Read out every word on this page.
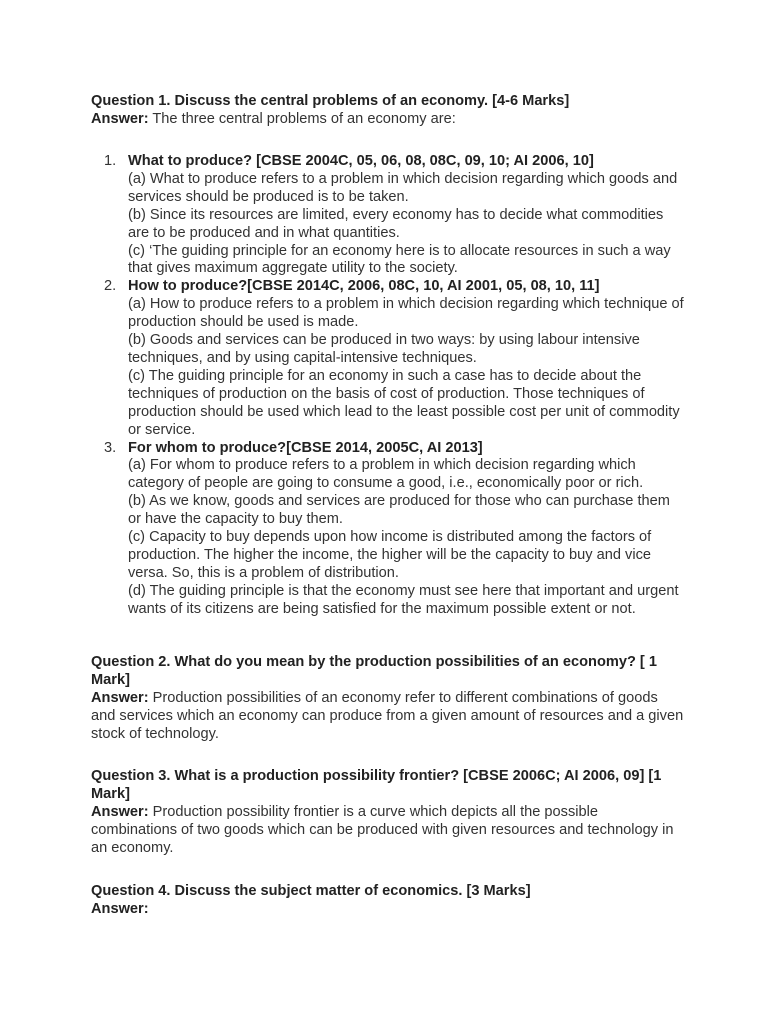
Question 1. Discuss the central problems of an economy. [4-6 Marks]
Answer: The three central problems of an economy are:
1. What to produce? [CBSE 2004C, 05, 06, 08, 08C, 09, 10; AI 2006, 10]
(a) What to produce refers to a problem in which decision regarding which goods and services should be produced is to be taken.
(b) Since its resources are limited, every economy has to decide what commodities are to be produced and in what quantities.
(c) ‘The guiding principle for an economy here is to allocate resources in such a way that gives maximum aggregate utility to the society.
2. How to produce?[CBSE 2014C, 2006, 08C, 10, AI 2001, 05, 08, 10, 11]
(a) How to produce refers to a problem in which decision regarding which technique of production should be used is made.
(b) Goods and services can be produced in two ways: by using labour intensive techniques, and by using capital-intensive techniques.
(c) The guiding principle for an economy in such a case has to decide about the techniques of production on the basis of cost of production. Those techniques of production should be used which lead to the least possible cost per unit of commodity or service.
3. For whom to produce?[CBSE 2014, 2005C, AI 2013]
(a) For whom to produce refers to a problem in which decision regarding which category of people are going to consume a good, i.e., economically poor or rich.
(b) As we know, goods and services are produced for those who can purchase them or have the capacity to buy them.
(c) Capacity to buy depends upon how income is distributed among the factors of production. The higher the income, the higher will be the capacity to buy and vice versa. So, this is a problem of distribution.
(d) The guiding principle is that the economy must see here that important and urgent wants of its citizens are being satisfied for the maximum possible extent or not.
Question 2. What do you mean by the production possibilities of an economy? [ 1 Mark]
Answer: Production possibilities of an economy refer to different combinations of goods and services which an economy can produce from a given amount of resources and a given stock of technology.
Question 3. What is a production possibility frontier? [CBSE 2006C; AI 2006, 09] [1 Mark]
Answer: Production possibility frontier is a curve which depicts all the possible combinations of two goods which can be produced with given resources and technology in an economy.
Question 4. Discuss the subject matter of economics. [3 Marks]
Answer:
